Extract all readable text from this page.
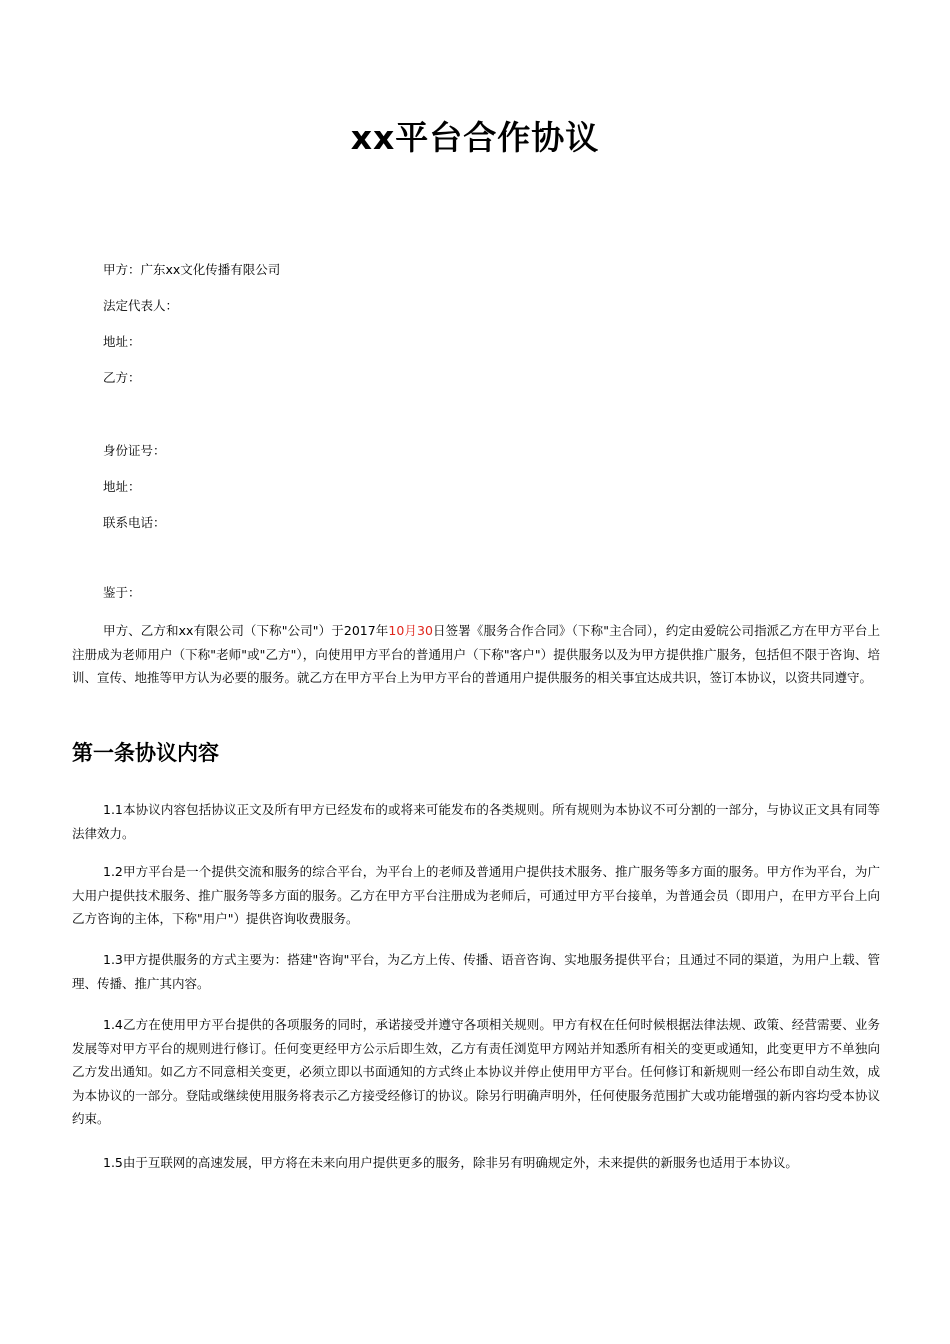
xx平台合作协议
甲方：广东xx文化传播有限公司
法定代表人：
地址：
乙方：
身份证号：
地址：
联系电话：
鉴于：
甲方、乙方和xx有限公司（下称"公司"）于2017年10月30日签署《服务合作合同》（下称"主合同），约定由爱皖公司指派乙方在甲方平台上注册成为老师用户（下称"老师"或"乙方"），向使用甲方平台的普通用户（下称"客户"）提供服务以及为甲方提供推广服务，包括但不限于咨询、培训、宣传、地推等甲方认为必要的服务。就乙方在甲方平台上为甲方平台的普通用户提供服务的相关事宜达成共识，签订本协议，以资共同遵守。
第一条协议内容
1.1本协议内容包括协议正文及所有甲方已经发布的或将来可能发布的各类规则。所有规则为本协议不可分割的一部分，与协议正文具有同等法律效力。
1.2甲方平台是一个提供交流和服务的综合平台，为平台上的老师及普通用户提供技术服务、推广服务等多方面的服务。甲方作为平台，为广大用户提供技术服务、推广服务等多方面的服务。乙方在甲方平台注册成为老师后，可通过甲方平台接单，为普通会员（即用户，在甲方平台上向乙方咨询的主体，下称"用户"）提供咨询收费服务。
1.3甲方提供服务的方式主要为：搭建"咨询"平台，为乙方上传、传播、语音咨询、实地服务提供平台；且通过不同的渠道，为用户上载、管理、传播、推广其内容。
1.4乙方在使用甲方平台提供的各项服务的同时，承诺接受并遵守各项相关规则。甲方有权在任何时候根据法律法规、政策、经营需要、业务发展等对甲方平台的规则进行修订。任何变更经甲方公示后即生效，乙方有责任浏览甲方网站并知悉所有相关的变更或通知，此变更甲方不单独向乙方发出通知。如乙方不同意相关变更，必须立即以书面通知的方式终止本协议并停止使用甲方平台。任何修订和新规则一经公布即自动生效，成为本协议的一部分。登陆或继续使用服务将表示乙方接受经修订的协议。除另行明确声明外，任何使服务范围扩大或功能增强的新内容均受本协议约束。
1.5由于互联网的高速发展，甲方将在未来向用户提供更多的服务，除非另有明确规定外，未来提供的新服务也适用于本协议。
